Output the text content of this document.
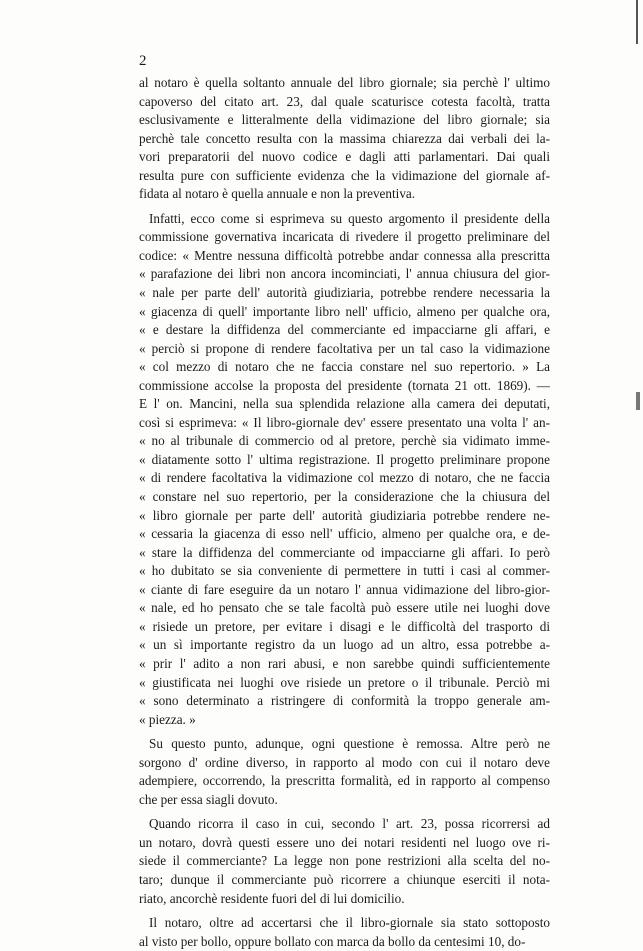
2
al notaro è quella soltanto annuale del libro giornale; sia perchè l' ultimo
capoverso del citato art. 23, dal quale scaturisce cotesta facoltà, tratta
esclusivamente e litteralmente della vidimazione del libro giornale; sia
perchè tale concetto resulta con la massima chiarezza dai verbali dei la-
vori preparatorii del nuovo codice e dagli atti parlamentari. Dai quali
resulta pure con sufficiente evidenza che la vidimazione del giornale af-
fidata al notaro è quella annuale e non la preventiva.
Infatti, ecco come si esprimeva su questo argomento il presidente della
commissione governativa incaricata di rivedere il progetto preliminare del
codice: « Mentre nessuna difficoltà potrebbe andar connessa alla prescritta
« parafazione dei libri non ancora incominciati, l' annua chiusura del gior-
« nale per parte dell' autorità giudiziaria, potrebbe rendere necessaria la
« giacenza di quell' importante libro nell' ufficio, almeno per qualche ora,
« e destare la diffidenza del commerciante ed impacciarne gli affari, e
« perciò si propone di rendere facoltativa per un tal caso la vidimazione
« col mezzo di notaro che ne faccia constare nel suo repertorio. » La
commissione accolse la proposta del presidente (tornata 21 ott. 1869). —
E l' on. Mancini, nella sua splendida relazione alla camera dei deputati,
così si esprimeva: « Il libro-giornale dev' essere presentato una volta l' an-
« no al tribunale di commercio od al pretore, perchè sia vidimato imme-
« diatamente sotto l' ultima registrazione. Il progetto preliminare propone
« di rendere facoltativa la vidimazione col mezzo di notaro, che ne faccia
« constare nel suo repertorio, per la considerazione che la chiusura del
« libro giornale per parte dell' autorità giudiziaria potrebbe rendere ne-
« cessaria la giacenza di esso nell' ufficio, almeno per qualche ora, e de-
« stare la diffidenza del commerciante od impacciarne gli affari. Io però
« ho dubitato se sia conveniente di permettere in tutti i casi al commer-
« ciante di fare eseguire da un notaro l' annua vidimazione del libro-gior-
« nale, ed ho pensato che se tale facoltà può essere utile nei luoghi dove
« risiede un pretore, per evitare i disagi e le difficoltà del trasporto di
« un sì importante registro da un luogo ad un altro, essa potrebbe a-
« prir l' adito a non rari abusi, e non sarebbe quindi sufficientemente
« giustificata nei luoghi ove risiede un pretore o il tribunale. Perciò mi
« sono determinato a ristringere di conformità la troppo generale am-
« piezza. »
Su questo punto, adunque, ogni questione è remossa. Altre però ne
sorgono d' ordine diverso, in rapporto al modo con cui il notaro deve
adempiere, occorrendo, la prescritta formalità, ed in rapporto al compenso
che per essa siagli dovuto.
Quando ricorra il caso in cui, secondo l' art. 23, possa ricorrersi ad
un notaro, dovrà questi essere uno dei notari residenti nel luogo ove ri-
siede il commerciante? La legge non pone restrizioni alla scelta del no-
taro; dunque il commerciante può ricorrere a chiunque eserciti il nota-
riato, ancorchè residente fuori del di lui domicilio.
Il notaro, oltre ad accertarsi che il libro-giornale sia stato sottoposto
al visto per bollo, oppure bollato con marca da bollo da centesimi 10, do-
